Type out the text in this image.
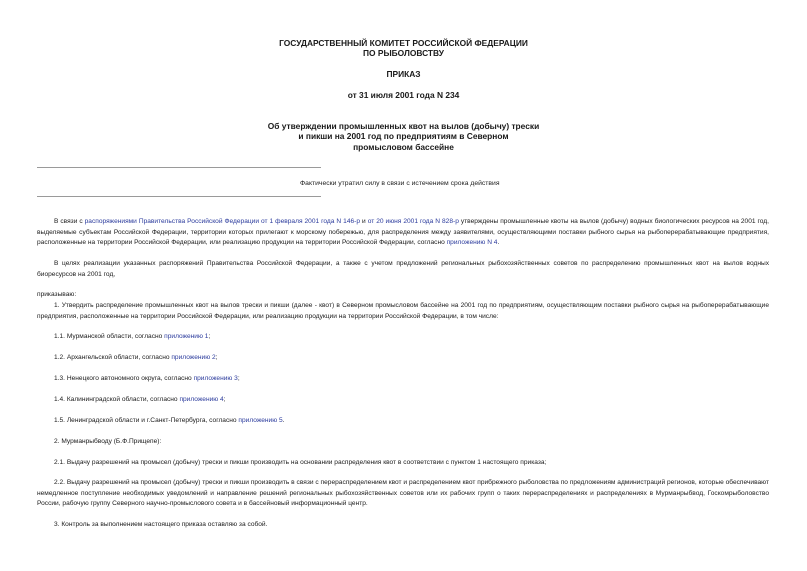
ГОСУДАРСТВЕННЫЙ КОМИТЕТ РОССИЙСКОЙ ФЕДЕРАЦИИ
ПО РЫБОЛОВСТВУ
ПРИКАЗ
от 31 июля 2001 года N 234
Об утверждении промышленных квот на вылов (добычу) трески
и пикши на 2001 год по предприятиям в Северном
промысловом бассейне
Фактически утратил силу в связи с истечением срока действия
В связи с распоряжениями Правительства Российской Федерации от 1 февраля 2001 года N 146-р и от 20 июня 2001 года N 828-р утверждены промышленные квоты на вылов (добычу) водных биологических ресурсов на 2001 год, выделяемые субъектам Российской Федерации, территории которых прилегают к морскому побережью, для распределения между заявителями, осуществляющими поставки рыбного сырья на рыбоперерабатывающие предприятия, расположенные на территории Российской Федерации, или реализацию продукции на территории Российской Федерации, согласно приложению N 4.
В целях реализации указанных распоряжений Правительства Российской Федерации, а также с учетом предложений региональных рыбохозяйственных советов по распределению промышленных квот на вылов водных биоресурсов на 2001 год,
приказываю:
1. Утвердить распределение промышленных квот на вылов трески и пикши (далее - квот) в Северном промысловом бассейне на 2001 год по предприятиям, осуществляющим поставки рыбного сырья на рыбоперерабатывающие предприятия, расположенные на территории Российской Федерации, или реализацию продукции на территории Российской Федерации, в том числе:
1.1. Мурманской области, согласно приложению 1;
1.2. Архангельской области, согласно приложению 2;
1.3. Ненецкого автономного округа, согласно приложению 3;
1.4. Калининградской области, согласно приложению 4;
1.5. Ленинградской области и г.Санкт-Петербурга, согласно приложению 5.
2. Мурманрыбводу (Б.Ф.Прищепе):
2.1. Выдачу разрешений на промысел (добычу) трески и пикши производить на основании распределения квот в соответствии с пунктом 1 настоящего приказа;
2.2. Выдачу разрешений на промысел (добычу) трески и пикши производить в связи с перераспределением квот и распределением квот прибрежного рыболовства по предложениям администраций регионов, которые обеспечивают немедленное поступление необходимых уведомлений и направление решений региональных рыбохозяйственных советов или их рабочих групп о таких перераспределениях и распределениях в Мурманрыбвод, Госкомрыболовство России, рабочую группу Северного научно-промыслового совета и в бассейновый информационный центр.
3. Контроль за выполнением настоящего приказа оставляю за собой.
